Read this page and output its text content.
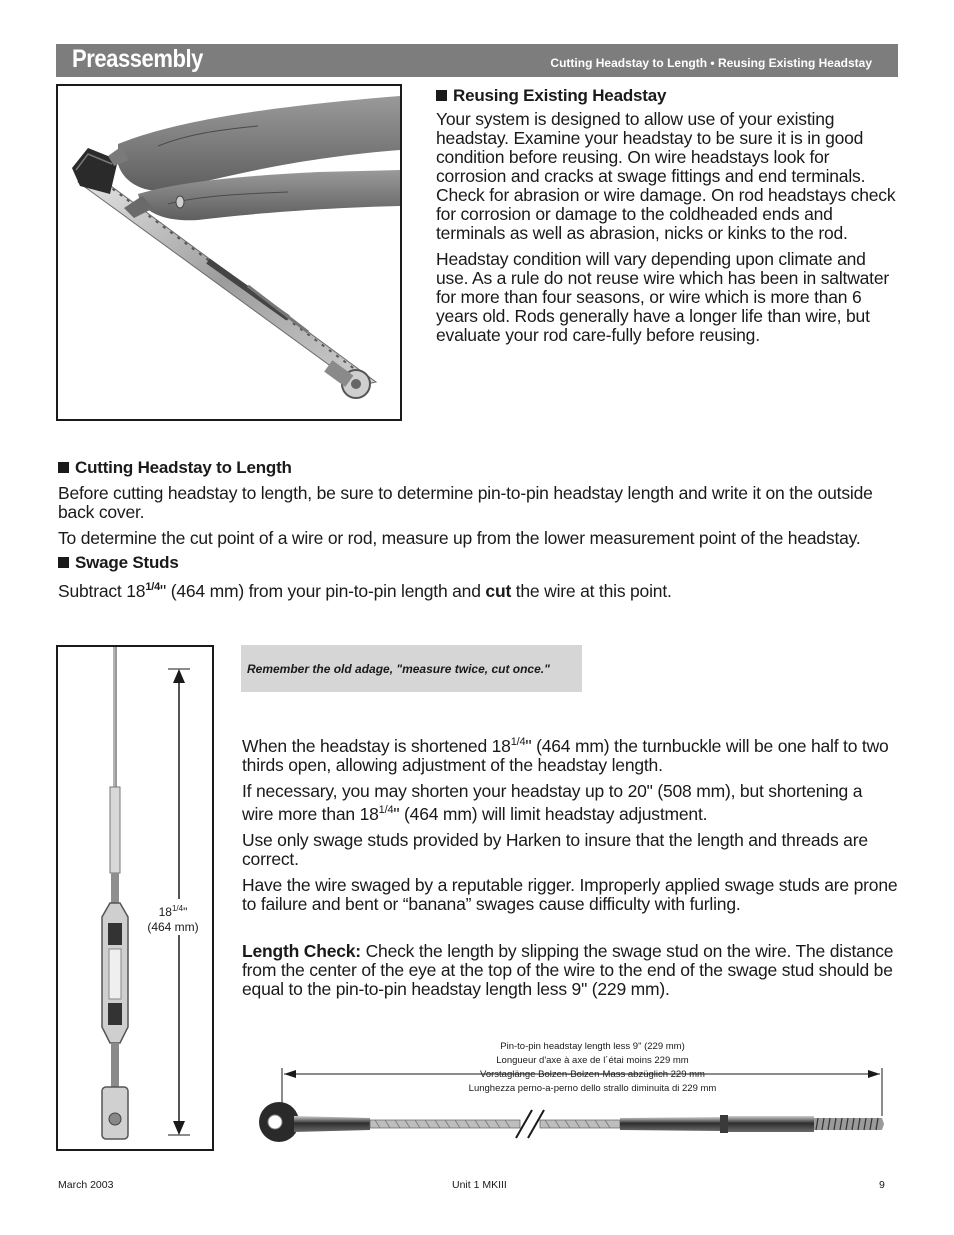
Preassembly	Cutting Headstay to Length • Reusing Existing Headstay
Reusing Existing Headstay

Your system is designed to allow use of your existing headstay. Examine your headstay to be sure it is in good condition before reusing. On wire headstays look for corrosion and cracks at swage fittings and end terminals. Check for abrasion or wire damage. On rod headstays check for corrosion or damage to the coldheaded ends and terminals as well as abrasion, nicks or kinks to the rod.

Headstay condition will vary depending upon climate and use. As a rule do not reuse wire which has been in saltwater for more than four seasons, or wire which is more than 6 years old. Rods generally have a longer life than wire, but evaluate your rod care-fully before reusing.

Cutting Headstay to Length

Before cutting headstay to length, be sure to determine pin-to-pin headstay length and write it on the outside back cover.

To determine the cut point of a wire or rod, measure up from the lower measurement point of the headstay.

Swage Studs
Subtract $18^{1/4}$" (464 mm) from your pin-to-pin length and cut the wire at this point.
$18^{1/4}$"
(464 mm)
Remember the old adage, "measure twice, cut once."

When the headstay is shortened $18^{1/4}$" (464 mm) the turnbuckle will be one half to two thirds open, allowing adjustment of the headstay length.

If necessary, you may shorten your headstay up to 20" (508 mm), but shortening a wire more than $18^{1/4}$" (464 mm) will limit headstay adjustment.

Use only swage studs provided by Harken to insure that the length and threads are correct.

Have the wire swaged by a reputable rigger. Improperly applied swage studs are prone to failure and bent or “banana” swages cause difficulty with furling.

Length Check: Check the length by slipping the swage stud on the wire. The distance from the center of the eye at the top of the wire to the end of the swage stud should be equal to the pin-to-pin headstay length less 9" (229 mm).
Pin-to-pin headstay length less 9" (229 mm)
Longueur d'axe à axe de l´étai moins 229 mm
Vorstaglänge Bolzen-Bolzen-Mass abzüglich 229 mm
Lunghezza perno-a-perno dello strallo diminuita di 229 mm
March 2003	Unit 1 MKIII	9
